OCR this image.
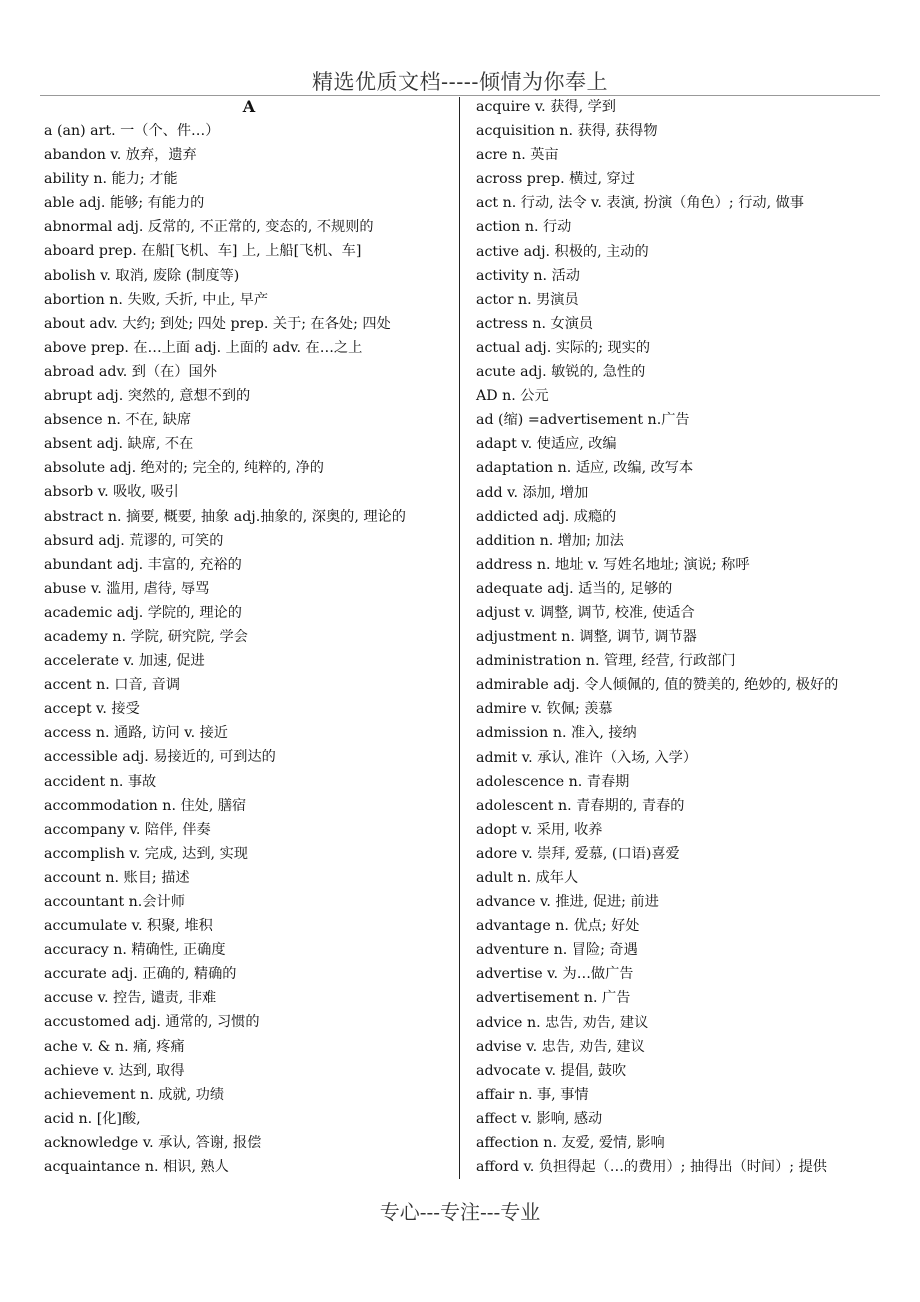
精选优质文档-----倾情为你奉上
A
a (an) art. 一（个、件…）
abandon v. 放弃，遗弃
ability n. 能力; 才能
able adj. 能够; 有能力的
abnormal adj. 反常的, 不正常的, 变态的, 不规则的
aboard prep. 在船[飞机、车] 上, 上船[飞机、车]
abolish v. 取消, 废除 (制度等)
abortion n. 失败, 夭折, 中止, 早产
about adv. 大约; 到处; 四处 prep. 关于; 在各处; 四处
above prep. 在…上面 adj. 上面的 adv. 在…之上
abroad adv. 到（在）国外
abrupt adj. 突然的, 意想不到的
absence n. 不在, 缺席
absent adj. 缺席, 不在
absolute adj. 绝对的; 完全的, 纯粹的, 净的
absorb v. 吸收, 吸引
abstract n. 摘要, 概要, 抽象 adj.抽象的, 深奥的, 理论的
absurd adj. 荒谬的, 可笑的
abundant adj. 丰富的, 充裕的
abuse v. 滥用, 虐待, 辱骂
academic adj. 学院的, 理论的
academy n. 学院, 研究院, 学会
accelerate v. 加速, 促进
accent n. 口音, 音调
accept v. 接受
access n. 通路, 访问 v. 接近
accessible adj. 易接近的, 可到达的
accident n. 事故
accommodation n. 住处, 膳宿
accompany v. 陪伴, 伴奏
accomplish v. 完成, 达到, 实现
account n. 账目; 描述
accountant n.会计师
accumulate v. 积聚, 堆积
accuracy n. 精确性, 正确度
accurate adj. 正确的, 精确的
accuse v. 控告, 谴责, 非难
accustomed adj. 通常的, 习惯的
ache v. & n. 痛, 疼痛
achieve v. 达到, 取得
achievement n. 成就, 功绩
acid n. [化]酸,
acknowledge v. 承认, 答谢, 报偿
acquaintance n. 相识, 熟人
acquire v. 获得, 学到
acquisition n. 获得, 获得物
acre n. 英亩
across prep. 横过, 穿过
act n. 行动, 法令 v. 表演, 扮演（角色）; 行动, 做事
action n. 行动
active adj. 积极的, 主动的
activity n. 活动
actor n. 男演员
actress n. 女演员
actual adj. 实际的; 现实的
acute adj. 敏锐的, 急性的
AD n. 公元
ad (缩) =advertisement n.广告
adapt v. 使适应, 改编
adaptation n. 适应, 改编, 改写本
add v. 添加, 增加
addicted adj. 成瘾的
addition n. 增加; 加法
address n. 地址 v. 写姓名地址; 演说; 称呼
adequate adj. 适当的, 足够的
adjust v. 调整, 调节, 校准, 使适合
adjustment n. 调整, 调节, 调节器
administration n. 管理, 经营, 行政部门
admirable adj. 令人倾佩的, 值的赞美的, 绝妙的, 极好的
admire v. 钦佩; 羡慕
admission n. 准入, 接纳
admit v. 承认, 准许（入场, 入学）
adolescence n. 青春期
adolescent n. 青春期的, 青春的
adopt v. 采用, 收养
adore v. 崇拜, 爱慕, (口语)喜爱
adult n. 成年人
advance v. 推进, 促进; 前进
advantage n. 优点; 好处
adventure n. 冒险; 奇遇
advertise v. 为…做广告
advertisement n. 广告
advice n. 忠告, 劝告, 建议
advise v. 忠告, 劝告, 建议
advocate v. 提倡, 鼓吹
affair n. 事, 事情
affect v. 影响, 感动
affection n. 友爱, 爱情, 影响
afford v. 负担得起（…的费用）; 抽得出（时间）; 提供
专心---专注---专业
